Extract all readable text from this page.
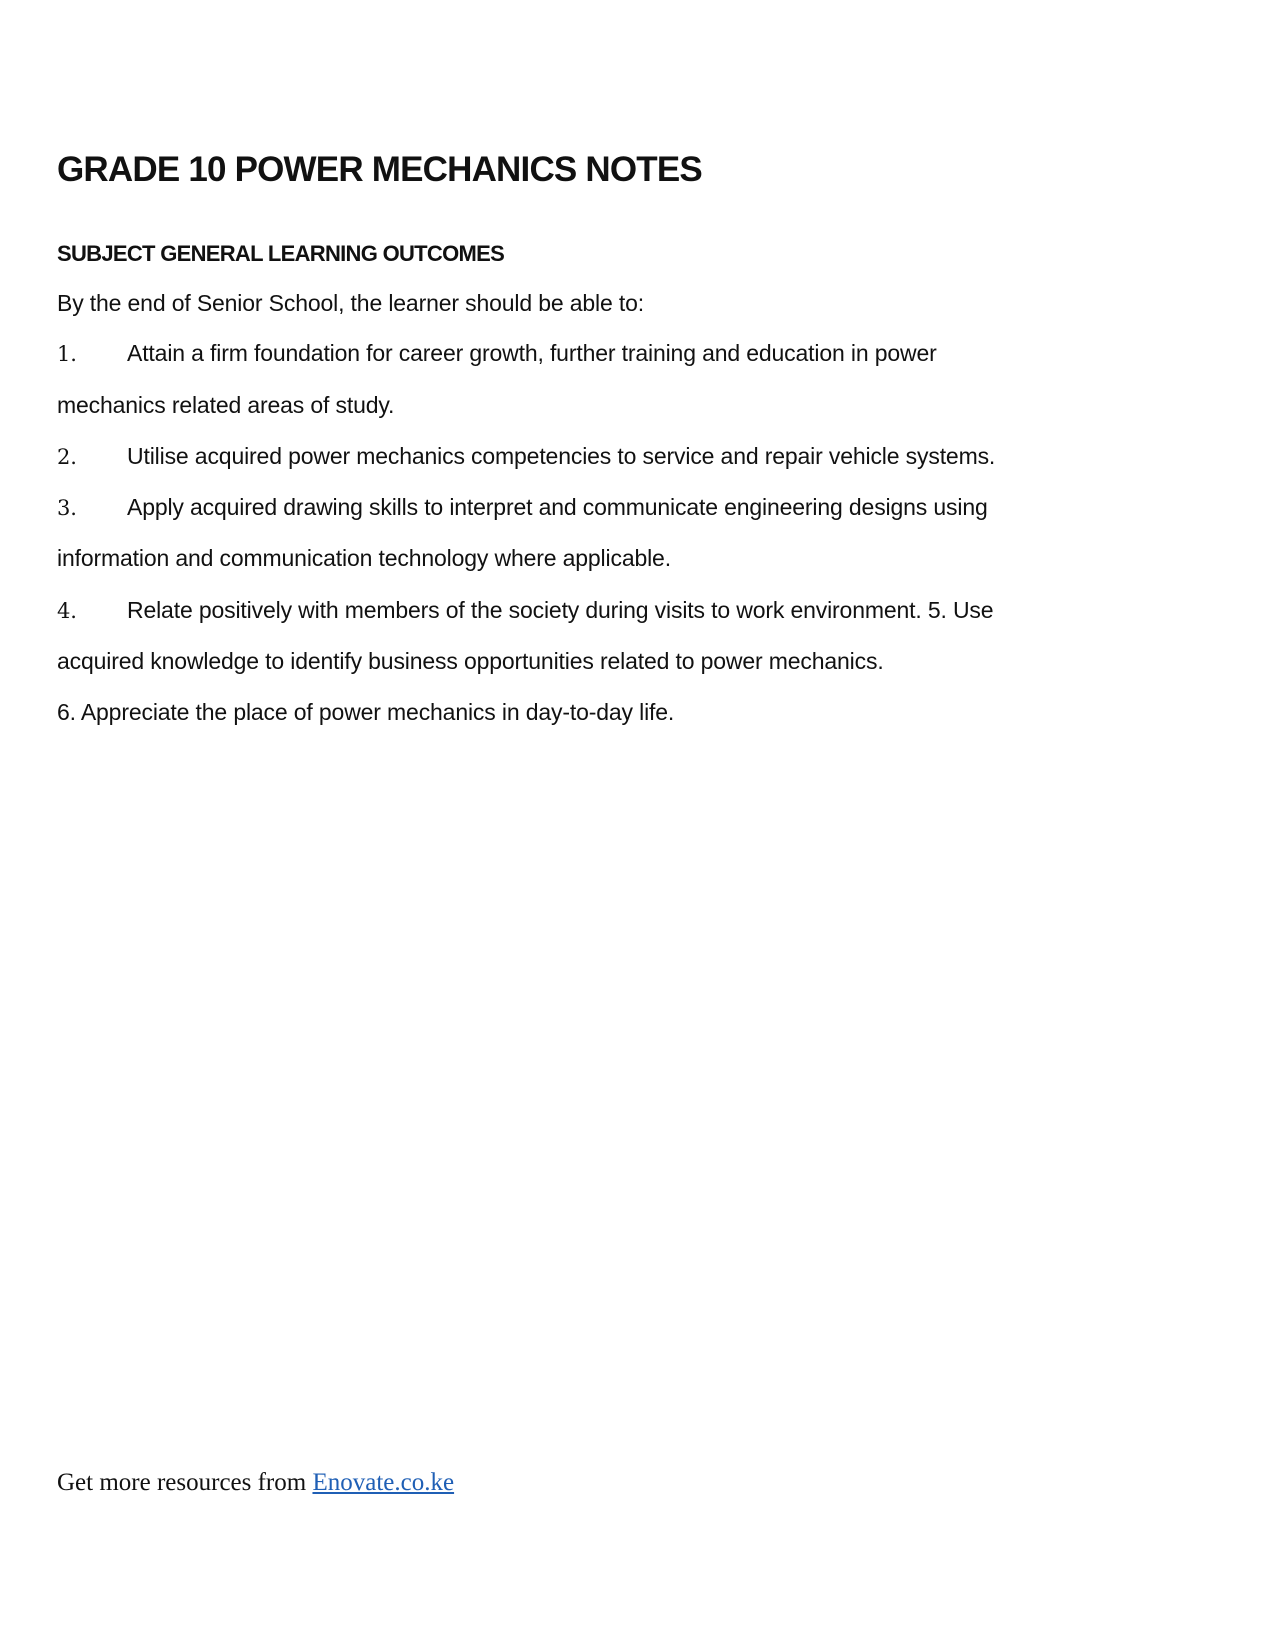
GRADE 10 POWER MECHANICS NOTES
SUBJECT GENERAL LEARNING OUTCOMES

By the end of Senior School, the learner should be able to:

1. Attain a firm foundation for career growth, further training and education in power

mechanics related areas of study.

2. Utilise acquired power mechanics competencies to service and repair vehicle systems.

3. Apply acquired drawing skills to interpret and communicate engineering designs using

information and communication technology where applicable.

4. Relate positively with members of the society during visits to work environment. 5. Use

acquired knowledge to identify business opportunities related to power mechanics.

6. Appreciate the place of power mechanics in day-to-day life.

Get more resources from Enovate.co.ke
